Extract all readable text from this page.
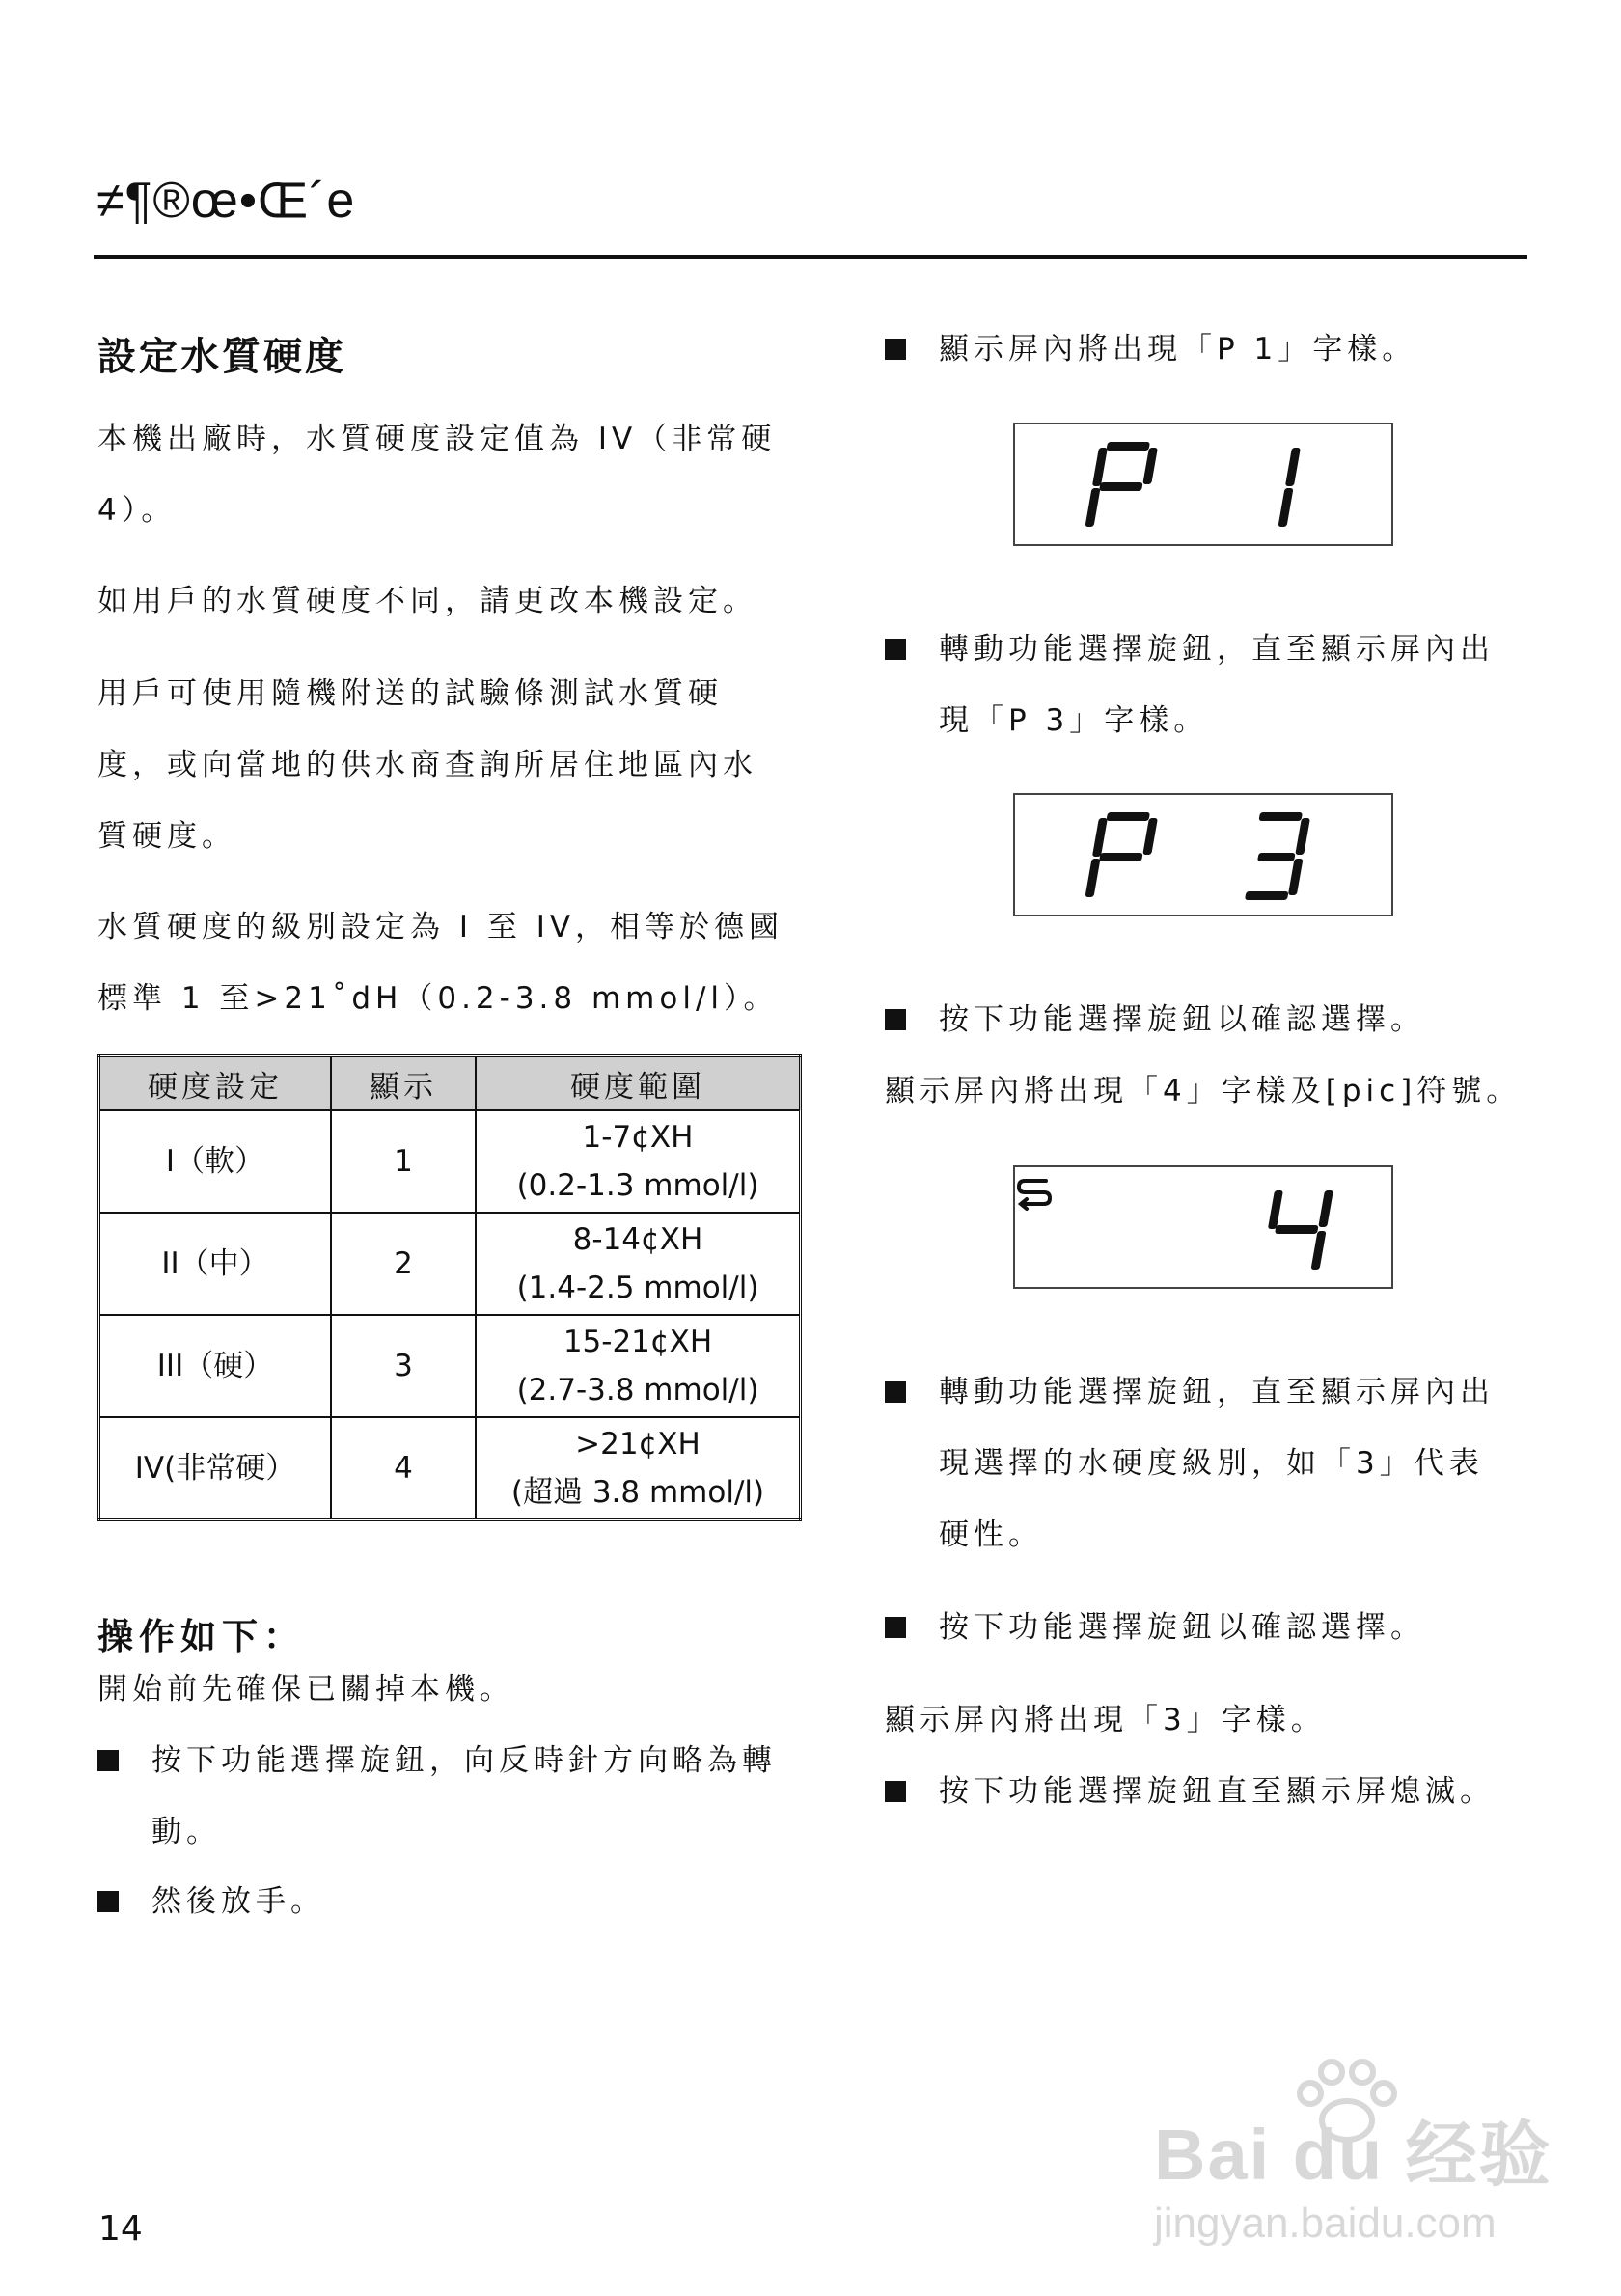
≠¶®œ•Œ´e
設定水質硬度
本機出廠時，水質硬度設定值為 IV（非常硬
4）。
如用戶的水質硬度不同，請更改本機設定。
用戶可使用隨機附送的試驗條測試水質硬
度，或向當地的供水商查詢所居住地區內水
質硬度。
水質硬度的級別設定為 I 至 IV，相等於德國
標準 1 至>21˚dH（0.2-3.8 mmol/l）。
硬度設定	顯示	硬度範圍
I（軟）	1	1-7¢XH
(0.2-1.3 mmol/l)

II（中）	2	8-14¢XH
(1.4-2.5 mmol/l)

III（硬）	3	15-21¢XH
(2.7-3.8 mmol/l)

IV(非常硬）	4	>21¢XH
(超過 3.8 mmol/l)
操作如下：
開始前先確保已關掉本機。
按下功能選擇旋鈕，向反時針方向略為轉
動。
然後放手。
顯示屏內將出現「P 1」字樣。
轉動功能選擇旋鈕，直至顯示屏內出
現「P 3」字樣。
按下功能選擇旋鈕以確認選擇。
顯示屏內將出現「4」字樣及[pic]符號。
轉動功能選擇旋鈕，直至顯示屏內出
現選擇的水硬度級別，如「3」代表
硬性。
按下功能選擇旋鈕以確認選擇。
顯示屏內將出現「3」字樣。
按下功能選擇旋鈕直至顯示屏熄滅。
14
Bai du 经验
jingyan.baidu.com
